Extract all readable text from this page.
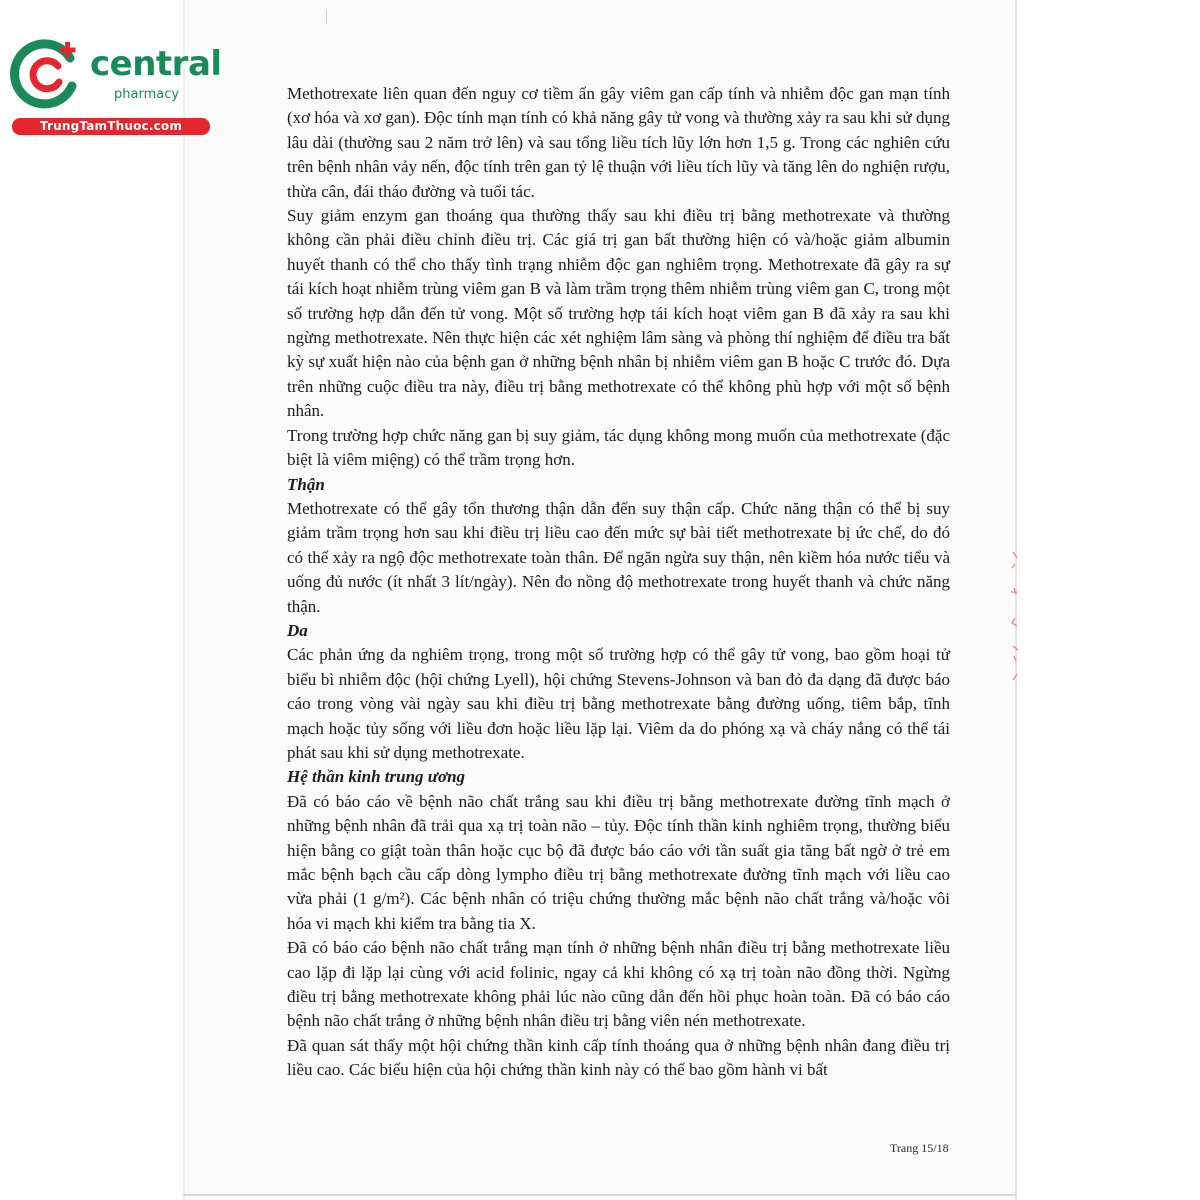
central
pharmacy
TrungTamThuoc.com

Methotrexate liên quan đến nguy cơ tiềm ẩn gây viêm gan cấp tính và nhiễm độc gan mạn tính (xơ hóa và xơ gan). Độc tính mạn tính có khả năng gây tử vong và thường xảy ra sau khi sử dụng lâu dài (thường sau 2 năm trở lên) và sau tổng liều tích lũy lớn hơn 1,5 g. Trong các nghiên cứu trên bệnh nhân vảy nến, độc tính trên gan tỷ lệ thuận với liều tích lũy và tăng lên do nghiện rượu, thừa cân, đái tháo đường và tuổi tác.

Suy giảm enzym gan thoáng qua thường thấy sau khi điều trị bằng methotrexate và thường không cần phải điều chỉnh điều trị. Các giá trị gan bất thường hiện có và/hoặc giảm albumin huyết thanh có thể cho thấy tình trạng nhiễm độc gan nghiêm trọng. Methotrexate đã gây ra sự tái kích hoạt nhiễm trùng viêm gan B và làm trầm trọng thêm nhiễm trùng viêm gan C, trong một số trường hợp dẫn đến tử vong. Một số trường hợp tái kích hoạt viêm gan B đã xảy ra sau khi ngừng methotrexate. Nên thực hiện các xét nghiệm lâm sàng và phòng thí nghiệm để điều tra bất kỳ sự xuất hiện nào của bệnh gan ở những bệnh nhân bị nhiễm viêm gan B hoặc C trước đó. Dựa trên những cuộc điều tra này, điều trị bằng methotrexate có thể không phù hợp với một số bệnh nhân.

Trong trường hợp chức năng gan bị suy giảm, tác dụng không mong muốn của methotrexate (đặc biệt là viêm miệng) có thể trầm trọng hơn.

Thận

Methotrexate có thể gây tổn thương thận dẫn đến suy thận cấp. Chức năng thận có thể bị suy giảm trầm trọng hơn sau khi điều trị liều cao đến mức sự bài tiết methotrexate bị ức chế, do đó có thể xảy ra ngộ độc methotrexate toàn thân. Để ngăn ngừa suy thận, nên kiềm hóa nước tiểu và uống đủ nước (ít nhất 3 lít/ngày). Nên đo nồng độ methotrexate trong huyết thanh và chức năng thận.

Da

Các phản ứng da nghiêm trọng, trong một số trường hợp có thể gây tử vong, bao gồm hoại tử biểu bì nhiễm độc (hội chứng Lyell), hội chứng Stevens-Johnson và ban đỏ đa dạng đã được báo cáo trong vòng vài ngày sau khi điều trị bằng methotrexate bằng đường uống, tiêm bắp, tĩnh mạch hoặc tủy sống với liều đơn hoặc liều lặp lại. Viêm da do phóng xạ và cháy nắng có thể tái phát sau khi sử dụng methotrexate.

Hệ thần kinh trung ương

Đã có báo cáo về bệnh não chất trắng sau khi điều trị bằng methotrexate đường tĩnh mạch ở những bệnh nhân đã trải qua xạ trị toàn não – tủy. Độc tính thần kinh nghiêm trọng, thường biểu hiện bằng co giật toàn thân hoặc cục bộ đã được báo cáo với tần suất gia tăng bất ngờ ở trẻ em mắc bệnh bạch cầu cấp dòng lympho điều trị bằng methotrexate đường tĩnh mạch với liều cao vừa phải (1 g/m²). Các bệnh nhân có triệu chứng thường mắc bệnh não chất trắng và/hoặc vôi hóa vi mạch khi kiểm tra bằng tia X.

Đã có báo cáo bệnh não chất trắng mạn tính ở những bệnh nhân điều trị bằng methotrexate liều cao lặp đi lặp lại cùng với acid folinic, ngay cả khi không có xạ trị toàn não đồng thời. Ngừng điều trị bằng methotrexate không phải lúc nào cũng dẫn đến hồi phục hoàn toàn. Đã có báo cáo bệnh não chất trắng ở những bệnh nhân điều trị bằng viên nén methotrexate.

Đã quan sát thấy một hội chứng thần kinh cấp tính thoáng qua ở những bệnh nhân đang điều trị liều cao. Các biểu hiện của hội chứng thần kinh này có thể bao gồm hành vi bất

Trang 15/18
